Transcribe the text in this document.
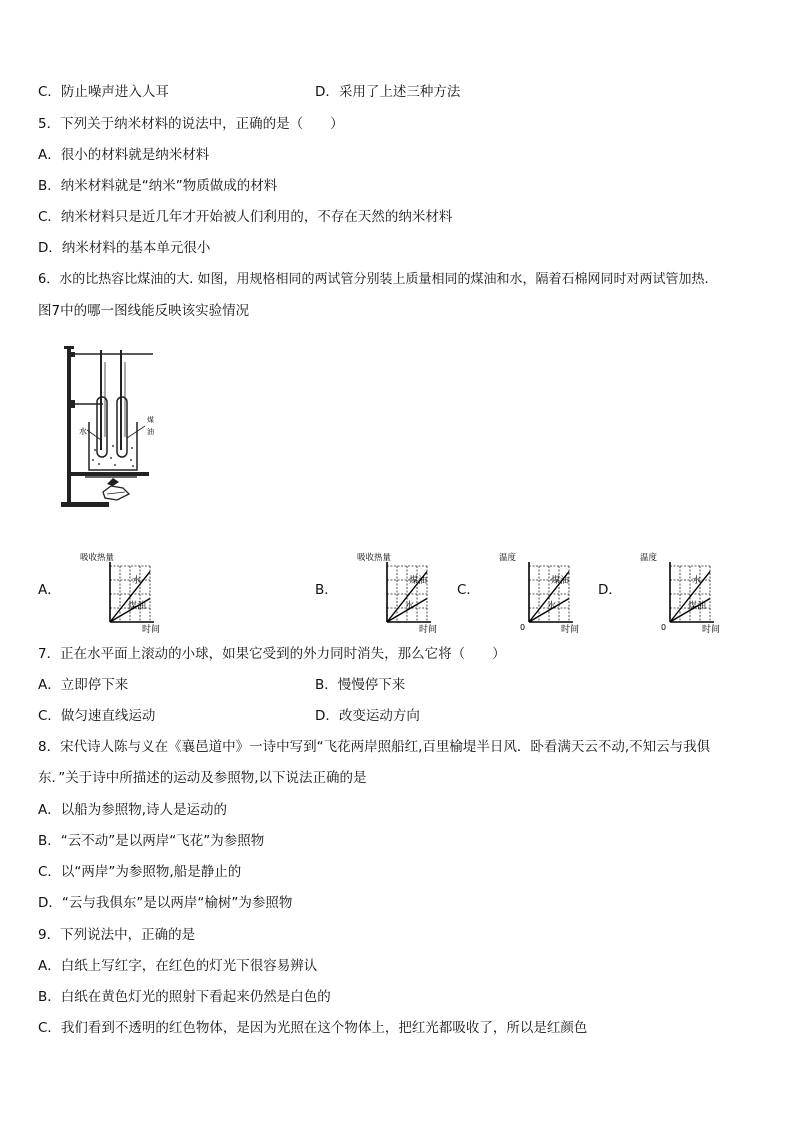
C．防止噪声进入人耳	D．采用了上述三种方法
5．下列关于纳米材料的说法中，正确的是（　　）
A．很小的材料就是纳米材料
B．纳米材料就是“纳米”物质做成的材料
C．纳米材料只是近几年才开始被人们利用的，不存在天然的纳米材料
D．纳米材料的基本单元很小
6．水的比热容比煤油的大. 如图，用规格相同的两试管分别装上质量相同的煤油和水，隔着石棉网同时对两试管加热.
图7中的哪一图线能反映该实验情况
水
煤
油
A．
吸收热量
时间
水
煤油
B．
吸收热量
时间
煤油
水
C．
温度
时间
煤油
水
0
D．
温度
时间
水
煤油
0
7．正在水平面上滚动的小球，如果它受到的外力同时消失，那么它将（　　）
A．立即停下来	B．慢慢停下来
C．做匀速直线运动	D．改变运动方向
8．宋代诗人陈与义在《襄邑道中》一诗中写到“飞花两岸照船红,百里榆堤半日风．卧看满天云不动,不知云与我俱
东．”关于诗中所描述的运动及参照物,以下说法正确的是
A．以船为参照物,诗人是运动的
B．“云不动”是以两岸“飞花”为参照物
C．以“两岸”为参照物,船是静止的
D．“云与我俱东”是以两岸“榆树”为参照物
9．下列说法中，正确的是
A．白纸上写红字，在红色的灯光下很容易辨认
B．白纸在黄色灯光的照射下看起来仍然是白色的
C．我们看到不透明的红色物体，是因为光照在这个物体上，把红光都吸收了，所以是红颜色
